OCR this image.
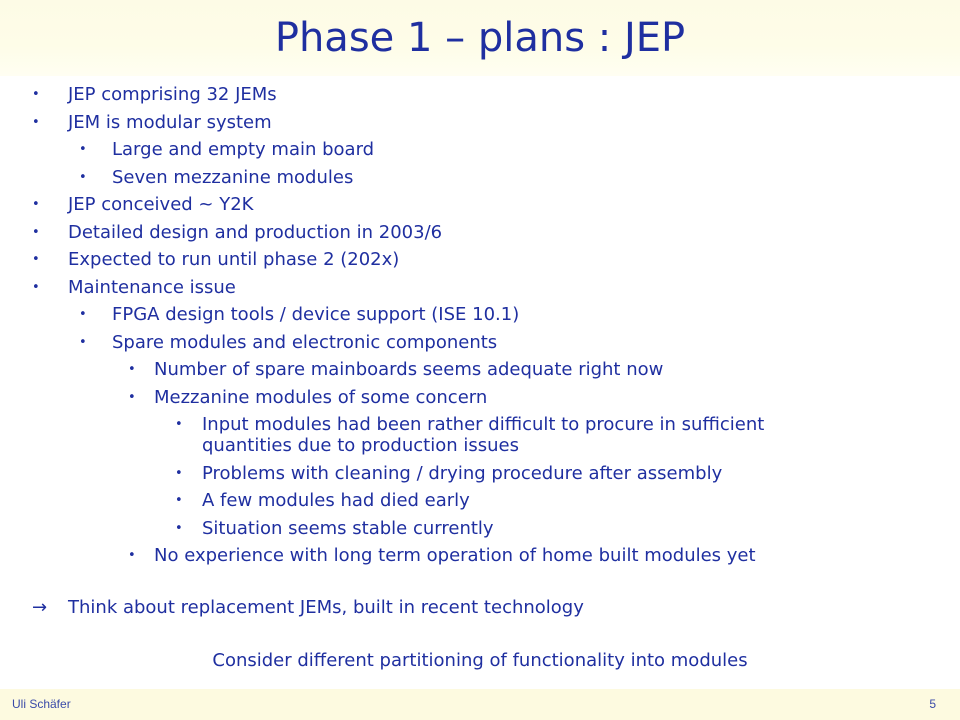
Phase 1 – plans : JEP
• JEP comprising 32 JEMs
• JEM is modular system
• Large and empty main board
• Seven mezzanine modules
• JEP conceived ~ Y2K
• Detailed design and production in 2003/6
• Expected to run until phase 2 (202x)
• Maintenance issue
• FPGA design tools / device support (ISE 10.1)
• Spare modules and electronic components
• Number of spare mainboards seems adequate right now
• Mezzanine modules of some concern
• Input modules had been rather difficult to procure in sufficient
quantities due to production issues
• Problems with cleaning / drying procedure after assembly
• A few modules had died early
• Situation seems stable currently
• No experience with long term operation of home built modules yet
→ Think about replacement JEMs, built in recent technology
Consider different partitioning of functionality into modules
Uli Schäfer	5
